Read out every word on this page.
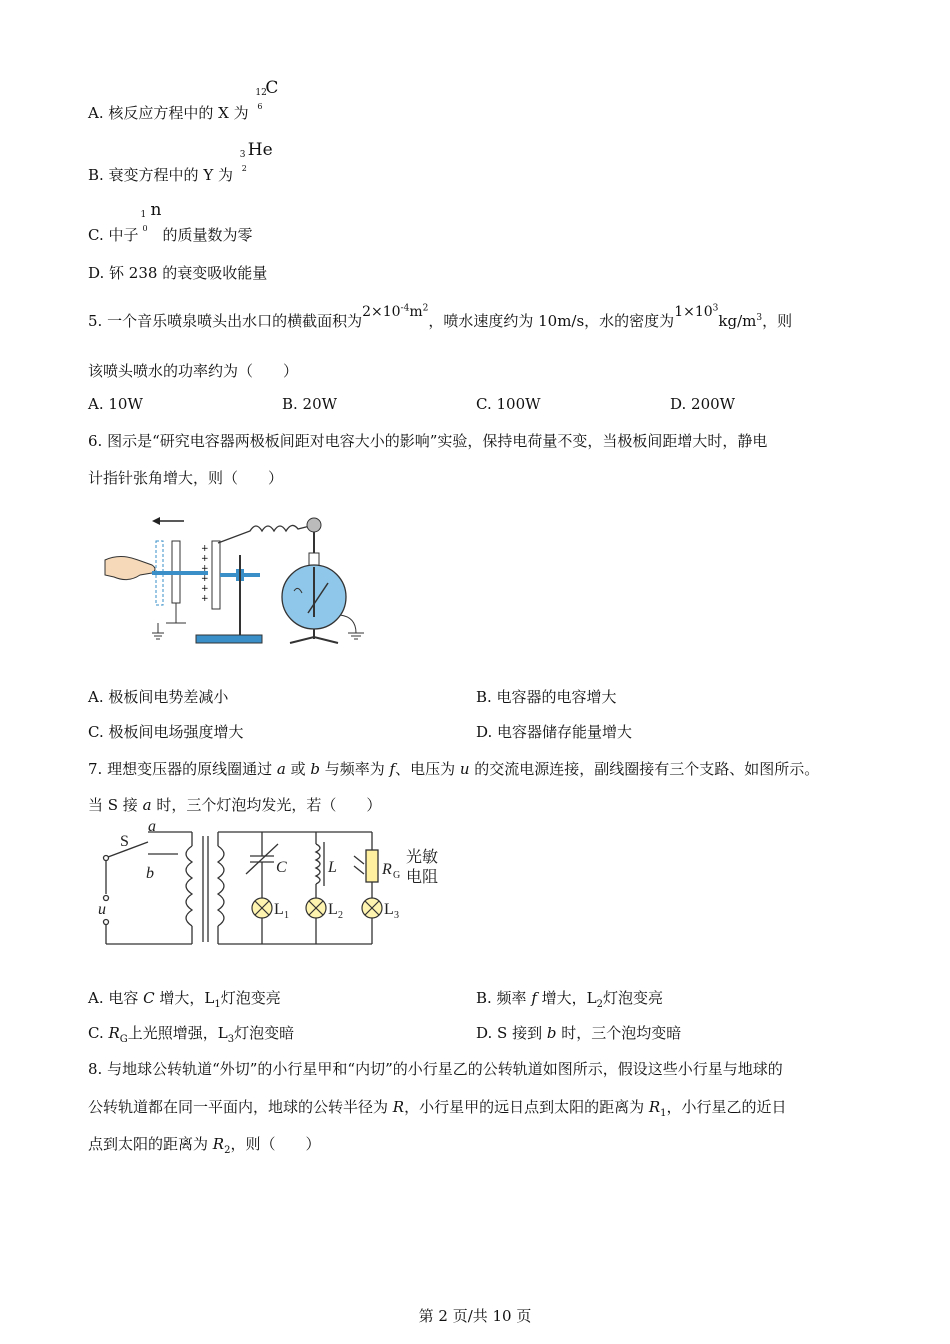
A. 核反应方程中的 X 为
12
6
C
B. 衰变方程中的 Y 为
3
2
He
C. 中子
1
0
n
的质量数为零
D. 钚 238 的衰变吸收能量
5. 一个音乐喷泉喷头出水口的横截面积为$2\times 10^{-4}m^2$，喷水速度约为 10m/s，水的密度为$1\times 10^3kg/m^3$，则
该喷头喷水的功率约为（　　）
A. 10W	B. 20W	C. 100W	D. 200W
6. 图示是“研究电容器两极板间距对电容大小的影响”实验，保持电荷量不变，当极板间距增大时，静电
计指针张角增大，则（　　）
+
+
+
+
+
+
A. 极板间电势差减小	B. 电容器的电容增大
C. 极板间电场强度增大	D. 电容器储存能量增大
7. 理想变压器的原线圈通过 a 或 b 与频率为 f、电压为 u 的交流电源连接，副线圈接有三个支路、如图所示。
当 S 接 a 时，三个灯泡均发光，若（　　）
S
a
b
u
C	L	R G
光敏
电阻
L 1 L 2	L 3
A. 电容 C 增大，$L_1$灯泡变亮	B. 频率 f 增大，$L_2$灯泡变亮
C. $R_G$上光照增强，$L_3$灯泡变暗	D. S 接到 b 时，三个泡均变暗
8. 与地球公转轨道“外切”的小行星甲和“内切”的小行星乙的公转轨道如图所示，假设这些小行星与地球的
公转轨道都在同一平面内，地球的公转半径为 R，小行星甲的远日点到太阳的距离为 $R_1$，小行星乙的近日
点到太阳的距离为 $R_2$，则（　　）
第 2 页/共 10 页
